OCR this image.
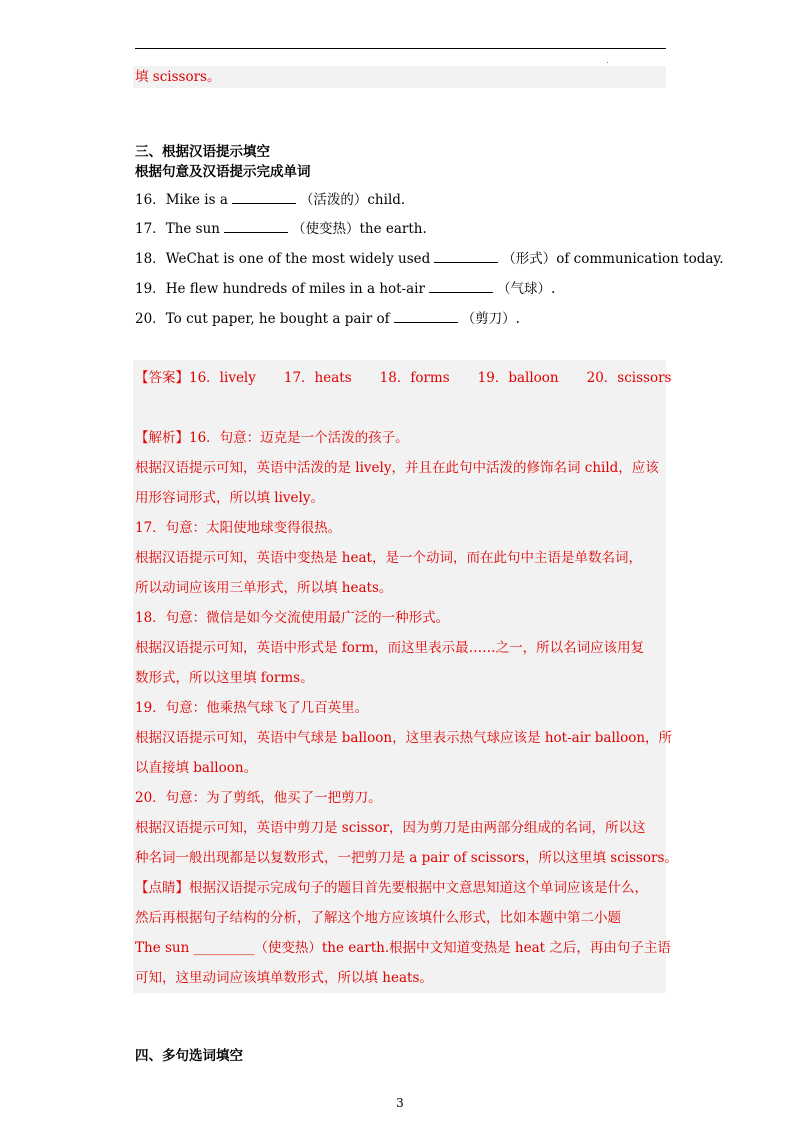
.
填 scissors。
三、根据汉语提示填空
根据句意及汉语提示完成单词
16．Mike is a	（活泼的）child.
17．The sun	（使变热）the earth.
18．WeChat is one of the most widely used	（形式）of communication today.
19．He flew hundreds of miles in a hot-air	（气球）.
20．To cut paper, he bought a pair of	（剪刀）.
【答案】16．lively 17．heats 18．forms 19．balloon 20．scissors
【解析】16．句意：迈克是一个活泼的孩子。
根据汉语提示可知，英语中活泼的是 lively，并且在此句中活泼的修饰名词 child，应该
用形容词形式，所以填 lively。
17．句意：太阳使地球变得很热。
根据汉语提示可知，英语中变热是 heat，是一个动词，而在此句中主语是单数名词，
所以动词应该用三单形式，所以填 heats。
18．句意：微信是如今交流使用最广泛的一种形式。
根据汉语提示可知，英语中形式是 form，而这里表示最……之一，所以名词应该用复
数形式，所以这里填 forms。
19．句意：他乘热气球飞了几百英里。
根据汉语提示可知，英语中气球是 balloon，这里表示热气球应该是 hot-air balloon，所
以直接填 balloon。
20．句意：为了剪纸，他买了一把剪刀。
根据汉语提示可知，英语中剪刀是 scissor，因为剪刀是由两部分组成的名词，所以这
种名词一般出现都是以复数形式，一把剪刀是 a pair of scissors，所以这里填 scissors。
【点睛】根据汉语提示完成句子的题目首先要根据中文意思知道这个单词应该是什么，
然后再根据句子结构的分析，了解这个地方应该填什么形式，比如本题中第二小题
The sun _________（使变热）the earth.根据中文知道变热是 heat 之后，再由句子主语
可知，这里动词应该填单数形式，所以填 heats。
四、多句选词填空
3
